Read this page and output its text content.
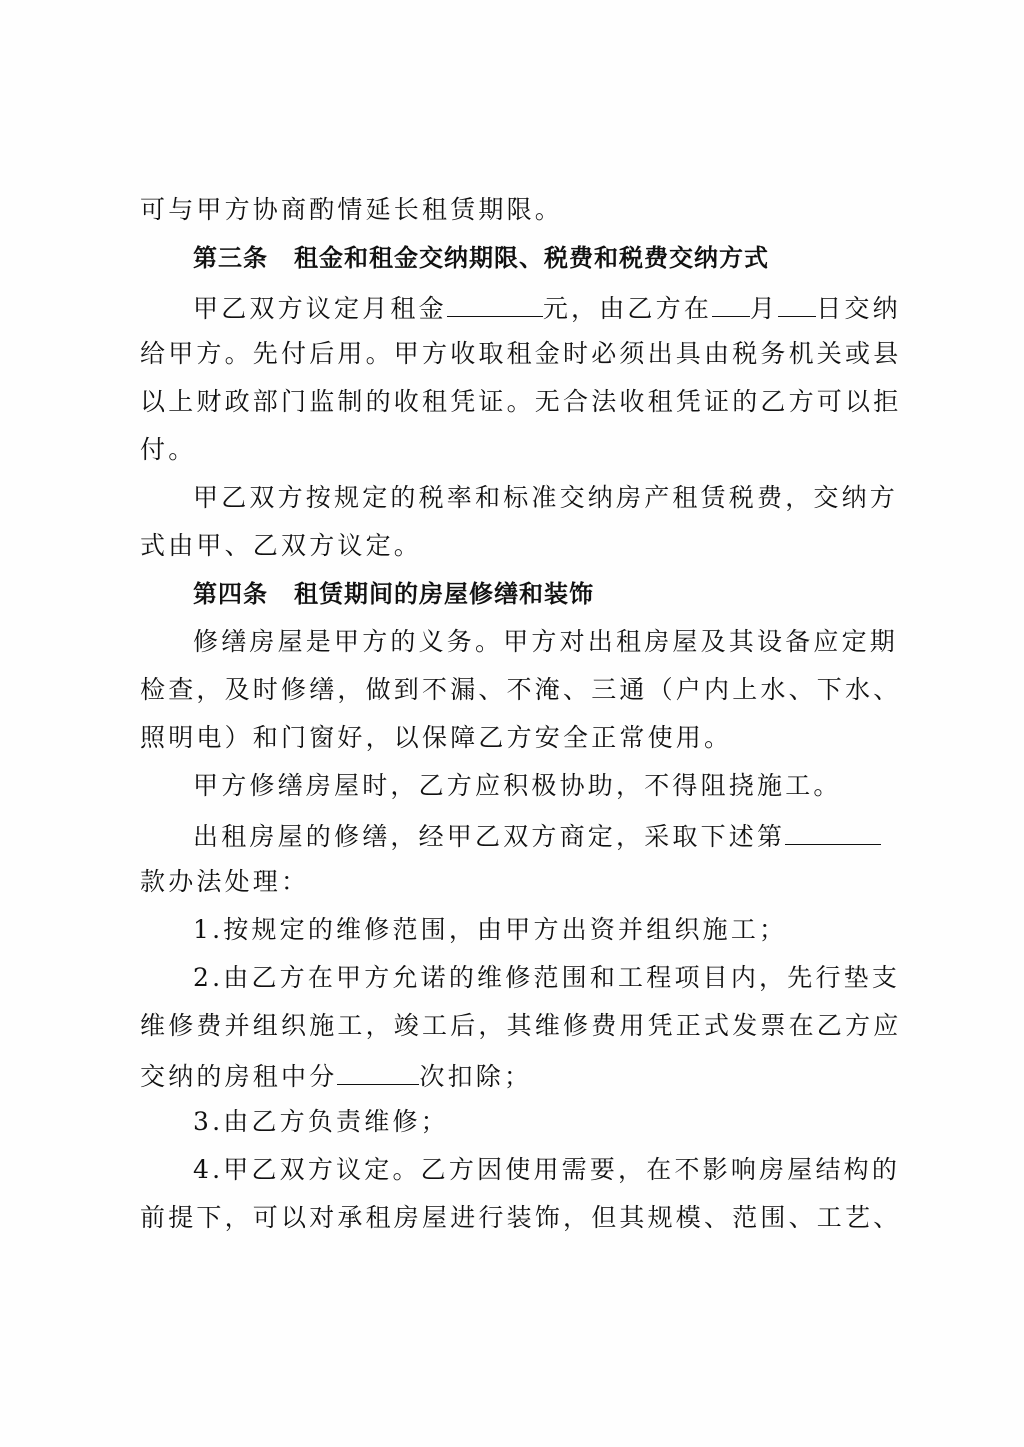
可与甲方协商酌情延长租赁期限。
第三条 租金和租金交纳期限、税费和税费交纳方式
甲乙双方议定月租金	元，由乙方在 月 日交纳
给甲方。先付后用。甲方收取租金时必须出具由税务机关或县
以上财政部门监制的收租凭证。无合法收租凭证的乙方可以拒
付。
甲乙双方按规定的税率和标准交纳房产租赁税费，交纳方
式由甲、乙双方议定。
第四条 租赁期间的房屋修缮和装饰
修缮房屋是甲方的义务。甲方对出租房屋及其设备应定期
检查，及时修缮，做到不漏、不淹、三通（户内上水、下水、
照明电）和门窗好，以保障乙方安全正常使用。
甲方修缮房屋时，乙方应积极协助，不得阻挠施工。
出租房屋的修缮，经甲乙双方商定，采取下述第
款办法处理：
1.按规定的维修范围，由甲方出资并组织施工；
2.由乙方在甲方允诺的维修范围和工程项目内，先行垫支
维修费并组织施工，竣工后，其维修费用凭正式发票在乙方应
交纳的房租中分	次扣除；
3.由乙方负责维修；
4.甲乙双方议定。乙方因使用需要，在不影响房屋结构的
前提下，可以对承租房屋进行装饰，但其规模、范围、工艺、
